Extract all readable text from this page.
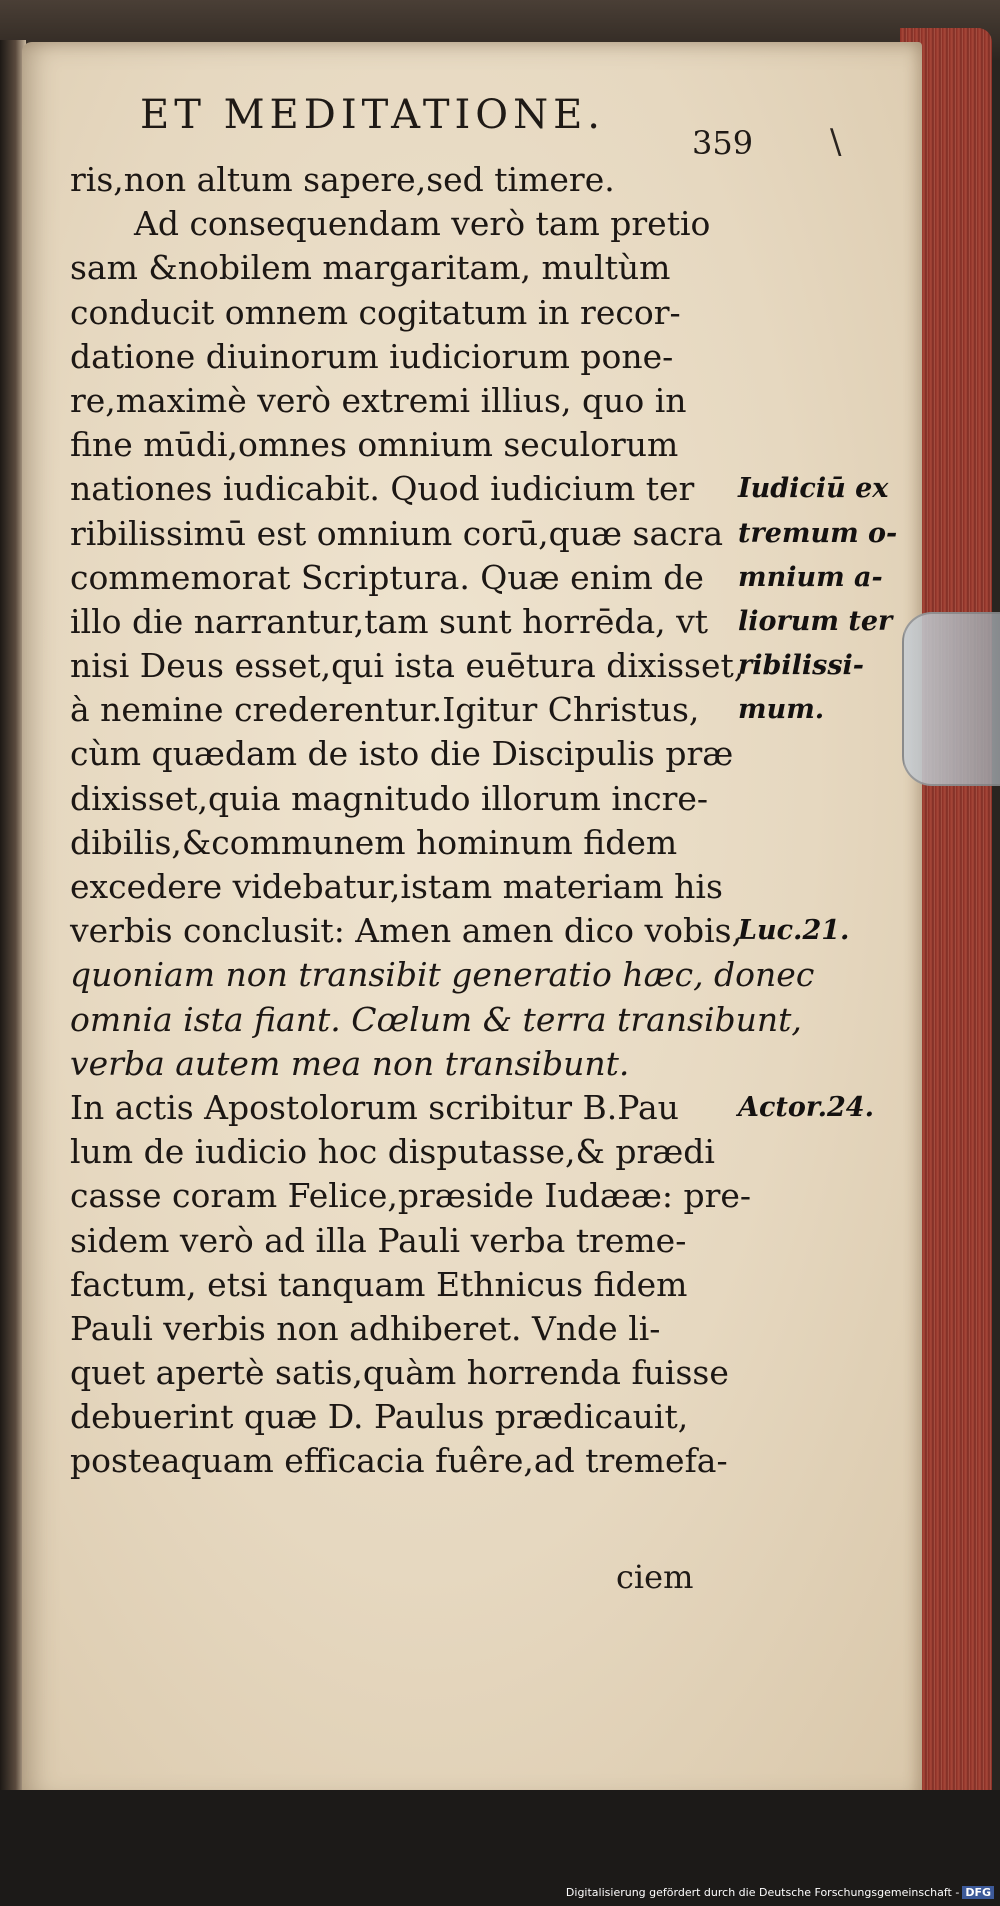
ET MEDITATIONE.
359 \
ris,non altum sapere,sed timere.
Ad consequendam verò tam pretio
sam &nobilem margaritam, multùm
conducit omnem cogitatum in recor-
datione diuinorum iudiciorum pone-
re,maximè verò extremi illius, quo in
fine mūdi,omnes omnium seculorum
nationes iudicabit. Quod iudicium ter
ribilissimū est omnium corū,quæ sacra
commemorat Scriptura. Quæ enim de
illo die narrantur,tam sunt horrēda, vt
nisi Deus esset,qui ista euētura dixisset,
à nemine crederentur.Igitur Christus,
cùm quædam de isto die Discipulis præ
dixisset,quia magnitudo illorum incre-
dibilis,&communem hominum fidem
excedere videbatur,istam materiam his
verbis conclusit: Amen amen dico vobis,
quoniam non transibit generatio hæc, donec
omnia ista fiant. Cœlum & terra transibunt,
verba autem mea non transibunt.
In actis Apostolorum scribitur B.Pau
lum de iudicio hoc disputasse,& prædi
casse coram Felice,præside Iudææ: pre-
sidem verò ad illa Pauli verba treme-
factum, etsi tanquam Ethnicus fidem
Pauli verbis non adhiberet. Vnde li-
quet apertè satis,quàm horrenda fuisse
debuerint quæ D. Paulus prædicauit,
posteaquam efficacia fuêre,ad tremefa-
Iudiciū ex
tremum o-
mnium a-
liorum ter
ribilissi-
mum.
Luc.21.
Actor.24.
ciem
Digitalisierung gefördert durch die Deutsche Forschungsgemeinschaft - DFG
